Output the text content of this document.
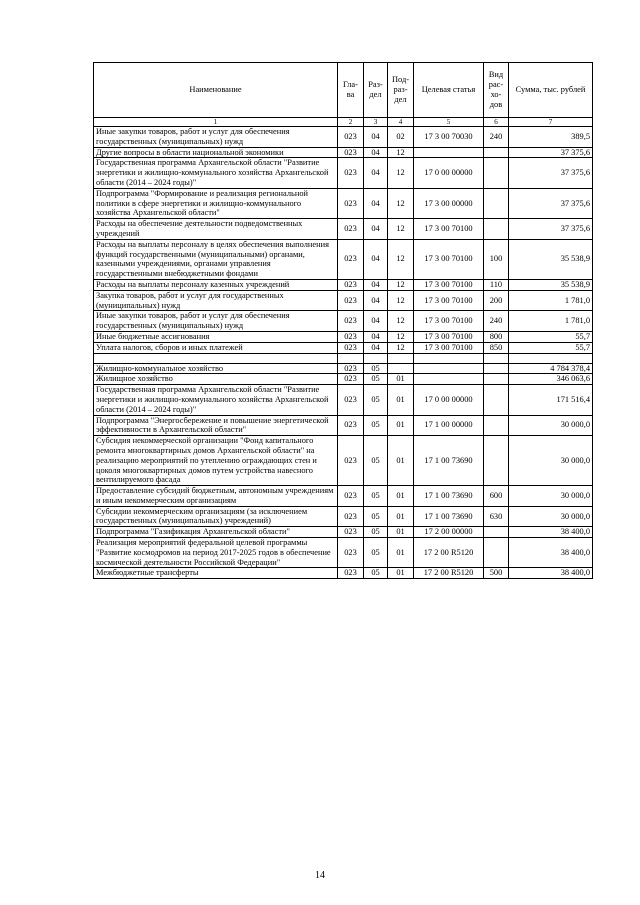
Наименование	Гла-ва	Раз-дел	Под-раз-дел	Целевая статья	Вид рас-хо-дов	Сумма, тыс. рублей
1	2	3	4	5	6	7
Иные закупки товаров, работ и услуг для обеспечения государственных (муниципальных) нужд	023	04	02	17 3 00 70030	240	389,5
Другие вопросы в области национальной экономики	023	04	12			37 375,6
Государственная программа Архангельской области "Развитие энергетики и жилищно-коммунального хозяйства Архангельской области (2014 – 2024 годы)"	023	04	12	17 0 00 00000		37 375,6
Подпрограмма "Формирование и реализация региональной политики в сфере энергетики и жилищно-коммунального хозяйства Архангельской области"	023	04	12	17 3 00 00000		37 375,6
Расходы на обеспечение деятельности подведомственных учреждений	023	04	12	17 3 00 70100		37 375,6
Расходы на выплаты персоналу в целях обеспечения выполнения функций государственными (муниципальными) органами, казенными учреждениями, органами управления государственными внебюджетными фондами	023	04	12	17 3 00 70100	100	35 538,9
Расходы на выплаты персоналу казенных учреждений	023	04	12	17 3 00 70100	110	35 538,9
Закупка товаров, работ и услуг для государственных (муниципальных) нужд	023	04	12	17 3 00 70100	200	1 781,0
Иные закупки товаров, работ и услуг для обеспечения государственных (муниципальных) нужд	023	04	12	17 3 00 70100	240	1 781,0
Иные бюджетные ассигнования	023	04	12	17 3 00 70100	800	55,7
Уплата налогов, сборов и иных платежей	023	04	12	17 3 00 70100	850	55,7

Жилищно-коммунальное хозяйство	023	05				4 784 378,4
Жилищное хозяйство	023	05	01			346 063,6
Государственная программа Архангельской области "Развитие энергетики и жилищно-коммунального хозяйства Архангельской области (2014 – 2024 годы)"	023	05	01	17 0 00 00000		171 516,4
Подпрограмма "Энергосбережение и повышение энергетической эффективности в Архангельской области"	023	05	01	17 1 00 00000		30 000,0
Субсидия некоммерческой организации "Фонд капитального ремонта многоквартирных домов Архангельской области" на реализацию мероприятий по утеплению ограждающих стен и цоколя многоквартирных домов путем устройства навесного вентилируемого фасада	023	05	01	17 1 00 73690		30 000,0
Предоставление субсидий бюджетным, автономным учреждениям и иным некоммерческим организациям	023	05	01	17 1 00 73690	600	30 000,0
Субсидии некоммерческим организациям (за исключением государственных (муниципальных) учреждений)	023	05	01	17 1 00 73690	630	30 000,0
Подпрограмма "Газификация Архангельской области"	023	05	01	17 2 00 00000		38 400,0
Реализация мероприятий федеральной целевой программы "Развитие космодромов на период 2017-2025 годов в обеспечение космической деятельности Российской Федерации"	023	05	01	17 2 00 R5120		38 400,0
Межбюджетные трансферты	023	05	01	17 2 00 R5120	500	38 400,0
14
